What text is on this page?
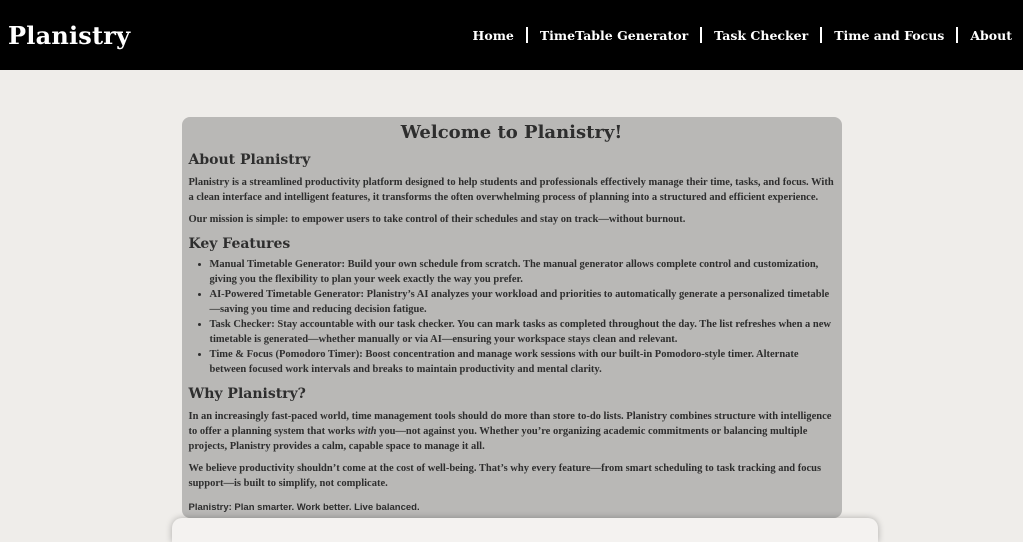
Planistry	Home TimeTable Generator Task Checker Time and Focus About
Welcome to Planistry!
About Planistry

Planistry is a streamlined productivity platform designed to help students and professionals effectively manage their time, tasks, and focus. With a clean interface and intelligent features, it transforms the often overwhelming process of planning into a structured and efficient experience.

Our mission is simple: to empower users to take control of their schedules and stay on track—without burnout.

Key Features
• Manual Timetable Generator: Build your own schedule from scratch. The manual generator allows complete control and customization, giving you the flexibility to plan your week exactly the way you prefer.
• AI-Powered Timetable Generator: Planistry’s AI analyzes your workload and priorities to automatically generate a personalized timetable—saving you time and reducing decision fatigue.
• Task Checker: Stay accountable with our task checker. You can mark tasks as completed throughout the day. The list refreshes when a new timetable is generated—whether manually or via AI—ensuring your workspace stays clean and relevant.
• Time & Focus (Pomodoro Timer): Boost concentration and manage work sessions with our built-in Pomodoro-style timer. Alternate between focused work intervals and breaks to maintain productivity and mental clarity.
Why Planistry?

In an increasingly fast-paced world, time management tools should do more than store to-do lists. Planistry combines structure with intelligence to offer a planning system that works with you—not against you. Whether you’re organizing academic commitments or balancing multiple projects, Planistry provides a calm, capable space to manage it all.

We believe productivity shouldn’t come at the cost of well-being. That’s why every feature—from smart scheduling to task tracking and focus support—is built to simplify, not complicate.

Planistry: Plan smarter. Work better. Live balanced.
